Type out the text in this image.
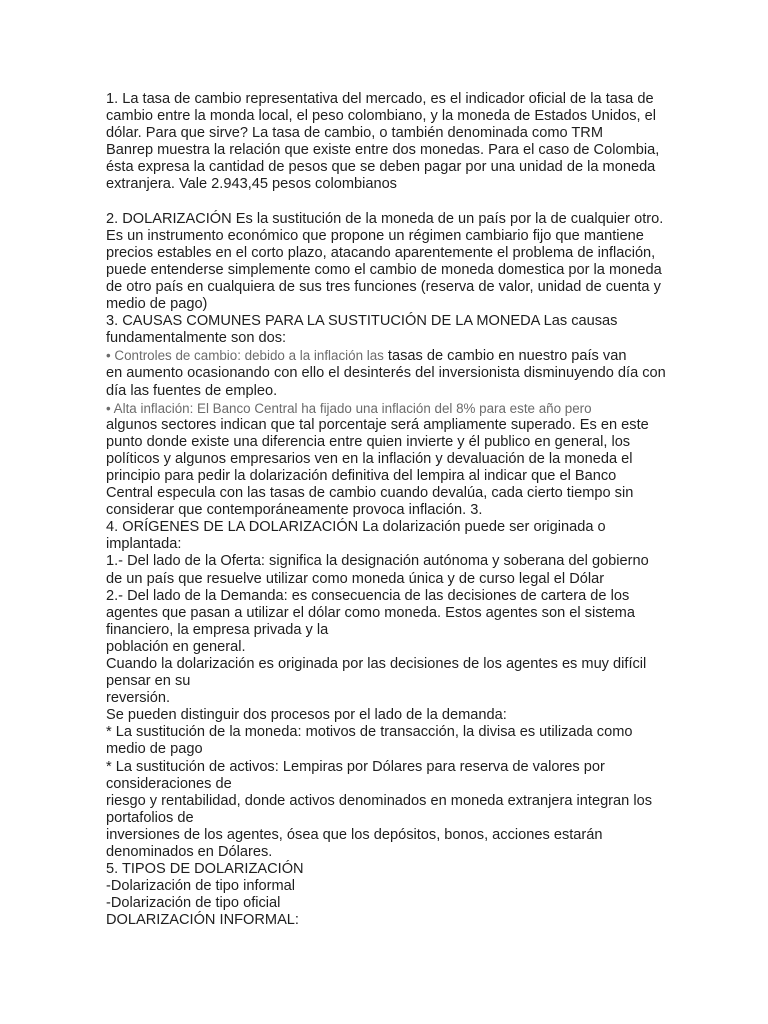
1. La tasa de cambio representativa del mercado, es el indicador oficial de la tasa de
cambio entre la monda local, el peso colombiano, y la moneda de Estados Unidos, el
dólar. Para que sirve? La tasa de cambio, o también denominada como TRM
Banrep muestra la relación que existe entre dos monedas. Para el caso de Colombia,
ésta expresa la cantidad de pesos que se deben pagar por una unidad de la moneda
extranjera. Vale 2.943,45 pesos colombianos
2. DOLARIZACIÓN Es la sustitución de la moneda de un país por la de cualquier otro.
Es un instrumento económico que propone un régimen cambiario fijo que mantiene
precios estables en el corto plazo, atacando aparentemente el problema de inflación,
puede entenderse simplemente como el cambio de moneda domestica por la moneda
de otro país en cualquiera de sus tres funciones (reserva de valor, unidad de cuenta y
medio de pago)
3. CAUSAS COMUNES PARA LA SUSTITUCIÓN DE LA MONEDA Las causas
fundamentalmente son dos:
• Controles de cambio: debido a la inflación las tasas de cambio en nuestro país van
en aumento ocasionando con ello el desinterés del inversionista disminuyendo día con
día las fuentes de empleo.
• Alta inflación: El Banco Central ha fijado una inflación del 8% para este año pero
algunos sectores indican que tal porcentaje será ampliamente superado. Es en este
punto donde existe una diferencia entre quien invierte y él publico en general, los
políticos y algunos empresarios ven en la inflación y devaluación de la moneda el
principio para pedir la dolarización definitiva del lempira al indicar que el Banco
Central especula con las tasas de cambio cuando devalúa, cada cierto tiempo sin
considerar que contemporáneamente provoca inflación. 3.
4. ORÍGENES DE LA DOLARIZACIÓN La dolarización puede ser originada o
implantada:
1.- Del lado de la Oferta: significa la designación autónoma y soberana del gobierno
de un país que resuelve utilizar como moneda única y de curso legal el Dólar
2.- Del lado de la Demanda: es consecuencia de las decisiones de cartera de los
agentes que pasan a utilizar el dólar como moneda. Estos agentes son el sistema
financiero, la empresa privada y la
población en general.
Cuando la dolarización es originada por las decisiones de los agentes es muy difícil
pensar en su
reversión.
Se pueden distinguir dos procesos por el lado de la demanda:
* La sustitución de la moneda: motivos de transacción, la divisa es utilizada como
medio de pago
* La sustitución de activos: Lempiras por Dólares para reserva de valores por
consideraciones de
riesgo y rentabilidad, donde activos denominados en moneda extranjera integran los
portafolios de
inversiones de los agentes, ósea que los depósitos, bonos, acciones estarán
denominados en Dólares.
5. TIPOS DE DOLARIZACIÓN
-Dolarización de tipo informal
-Dolarización de tipo oficial
DOLARIZACIÓN INFORMAL:
